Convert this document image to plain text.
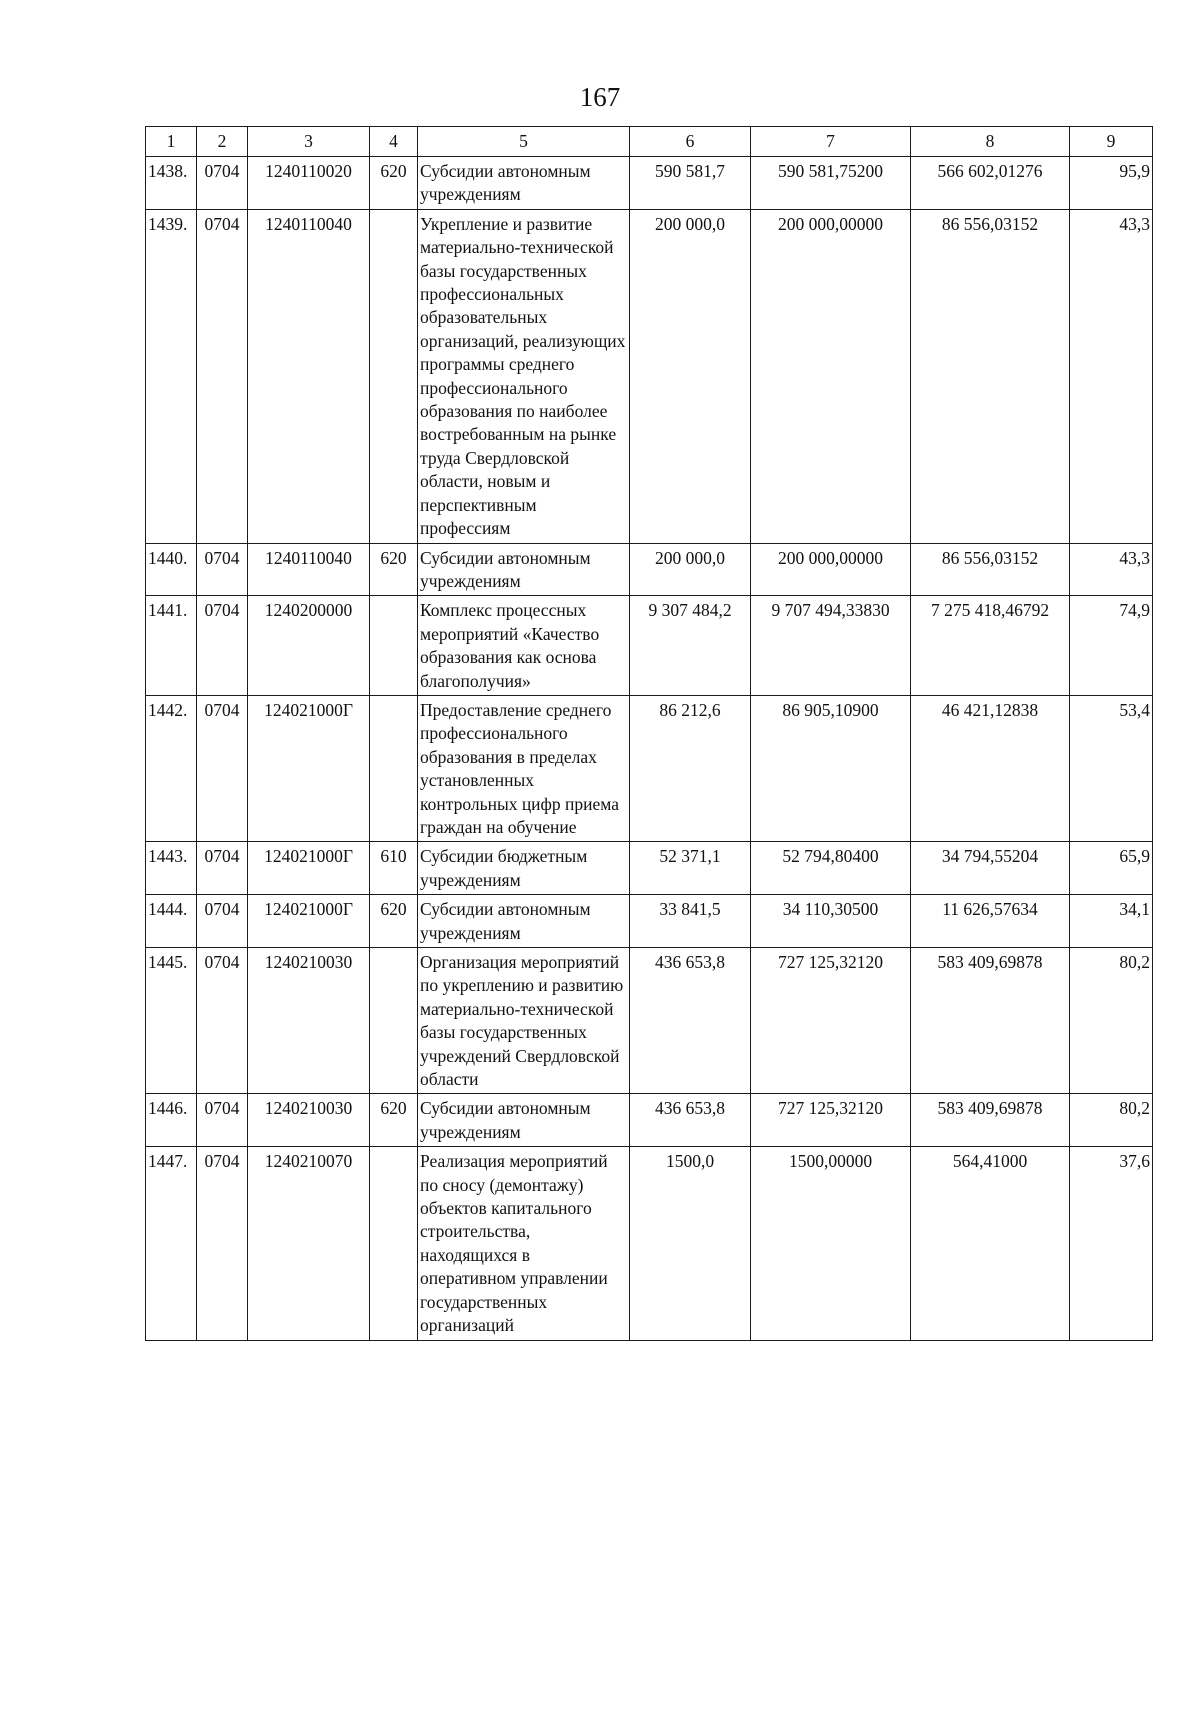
167
1	2	3	4	5	6	7	8	9
1438.	0704	1240110020	620	Субсидии автономным учреждениям	590 581,7	590 581,75200	566 602,01276	95,9
1439.	0704	1240110040		Укрепление и развитие материально-технической базы государственных профессиональных образовательных организаций, реализующих программы среднего профессионального образования по наиболее востребованным на рынке труда Свердловской области, новым и перспективным профессиям	200 000,0	200 000,00000	86 556,03152	43,3
1440.	0704	1240110040	620	Субсидии автономным учреждениям	200 000,0	200 000,00000	86 556,03152	43,3
1441.	0704	1240200000		Комплекс процессных мероприятий «Качество образования как основа благополучия»	9 307 484,2	9 707 494,33830	7 275 418,46792	74,9
1442.	0704	124021000Г		Предоставление среднего профессионального образования в пределах установленных контрольных цифр приема граждан на обучение	86 212,6	86 905,10900	46 421,12838	53,4
1443.	0704	124021000Г	610	Субсидии бюджетным учреждениям	52 371,1	52 794,80400	34 794,55204	65,9
1444.	0704	124021000Г	620	Субсидии автономным учреждениям	33 841,5	34 110,30500	11 626,57634	34,1
1445.	0704	1240210030		Организация мероприятий по укреплению и развитию материально-технической базы государственных учреждений Свердловской области	436 653,8	727 125,32120	583 409,69878	80,2
1446.	0704	1240210030	620	Субсидии автономным учреждениям	436 653,8	727 125,32120	583 409,69878	80,2
1447.	0704	1240210070		Реализация мероприятий по сносу (демонтажу) объектов капитального строительства, находящихся в оперативном управлении государственных организаций	1500,0	1500,00000	564,41000	37,6
